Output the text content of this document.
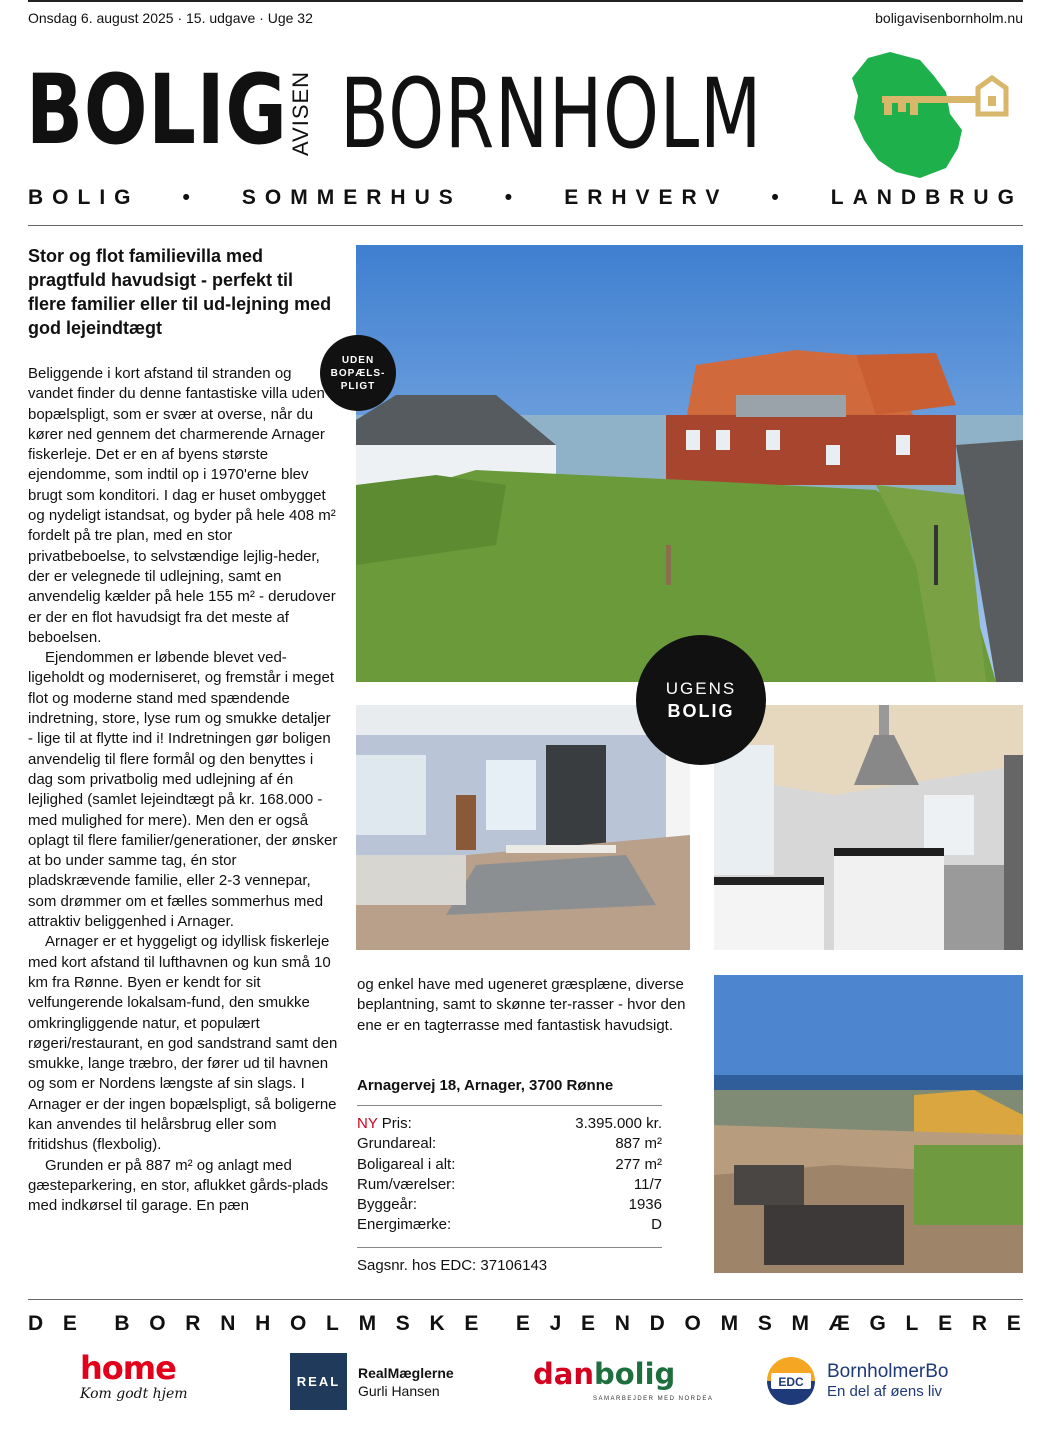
Onsdag 6. august 2025 · 15. udgave · Uge 32	boligavisenbornholm.nu
BOLIG AVISEN BORNHOLM
BOLIG • SOMMERHUS • ERHVERV • LANDBRUG
Stor og flot familievilla med pragtfuld havudsigt - perfekt til flere familier eller til ud-lejning med god lejeindtægt

Beliggende i kort afstand til stranden og vandet finder du denne fantastiske villa uden bopælspligt, som er svær at overse, når du kører ned gennem det charmerende Arnager fiskerleje. Det er en af byens største ejendomme, som indtil op i 1970'erne blev brugt som konditori. I dag er huset ombygget og nydeligt istandsat, og byder på hele 408 m² fordelt på tre plan, med en stor privatbeboelse, to selvstændige lejlig-heder, der er velegnede til udlejning, samt en anvendelig kælder på hele 155 m² - derudover er der en flot havudsigt fra det meste af beboelsen.

Ejendommen er løbende blevet ved-ligeholdt og moderniseret, og fremstår i meget flot og moderne stand med spændende indretning, store, lyse rum og smukke detaljer - lige til at flytte ind i! Indretningen gør boligen anvendelig til flere formål og den benyttes i dag som privatbolig med udlejning af én lejlighed (samlet lejeindtægt på kr. 168.000 - med mulighed for mere). Men den er også oplagt til flere familier/generationer, der ønsker at bo under samme tag, én stor pladskrævende familie, eller 2-3 vennepar, som drømmer om et fælles sommerhus med attraktiv beliggenhed i Arnager.

Arnager er et hyggeligt og idyllisk fiskerleje med kort afstand til lufthavnen og kun små 10 km fra Rønne. Byen er kendt for sit velfungerende lokalsam-fund, den smukke omkringliggende natur, et populært røgeri/restaurant, en god sandstrand samt den smukke, lange træbro, der fører ud til havnen og som er Nordens længste af sin slags. I Arnager er der ingen bopælspligt, så boligerne kan anvendes til helårsbrug eller som fritidshus (flexbolig).

Grunden er på 887 m² og anlagt med gæsteparkering, en stor, aflukket gårds-plads med indkørsel til garage. En pæn

UDEN
BOPÆLS-
PLIGT
UGENS
BOLIG
og enkel have med ugeneret græsplæne, diverse beplantning, samt to skønne ter-rasser - hvor den ene er en tagterrasse med fantastisk havudsigt.
Arnagervej 18, Arnager, 3700 Rønne
NY Pris:	3.395.000 kr.
Grundareal:	887 m²
Boligareal i alt:	277 m²
Rum/værelser:	11/7
Byggeår:	1936
Energimærke:	D
Sagsnr. hos EDC: 37106143
D E B O R N H O L M S K E E J E N D O M S M Æ G L E R E
home
Kom godt hjem
REAL
RealMæglerne
Gurli Hansen	danbolig
SAMARBEJDER MED NORDEA
EDC BornholmerBo
En del af øens liv
